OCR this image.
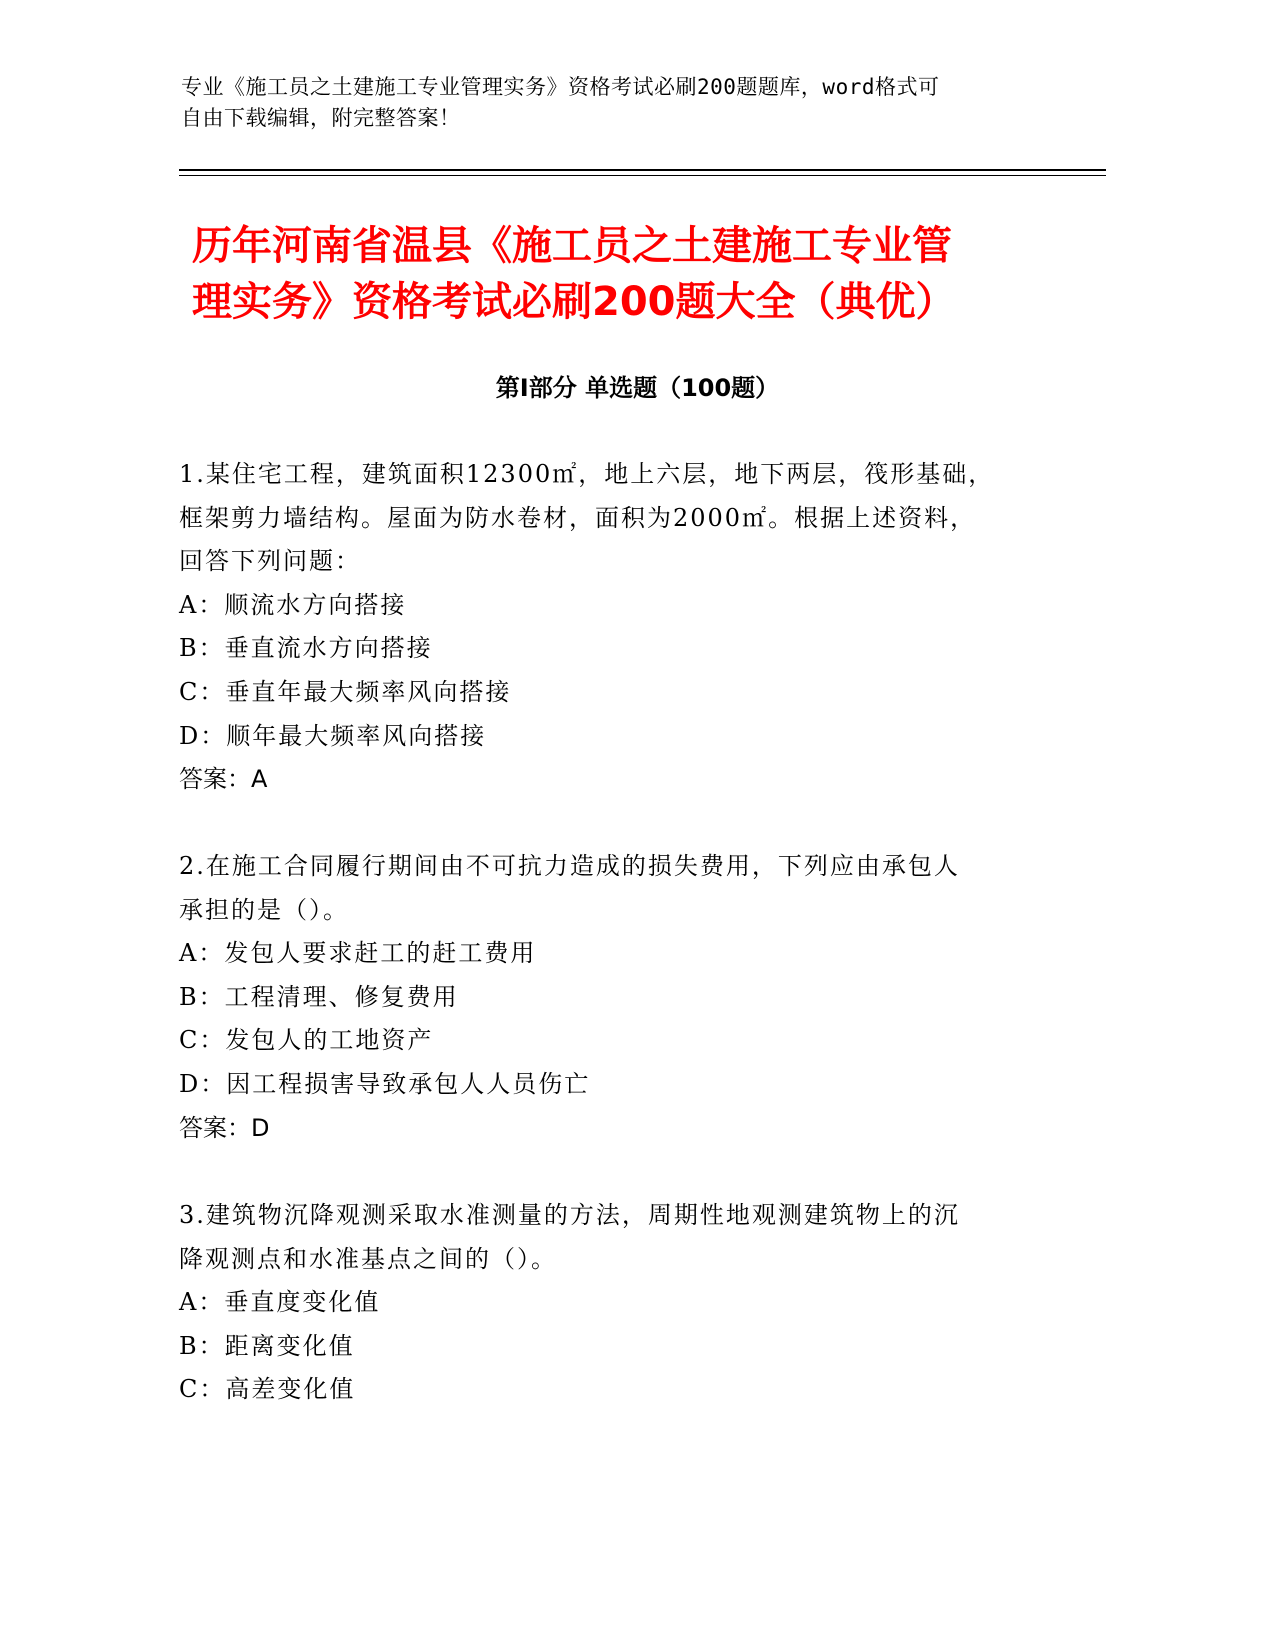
专业《施工员之土建施工专业管理实务》资格考试必刷200题题库，word格式可
自由下载编辑，附完整答案！
历年河南省温县《施工员之土建施工专业管
理实务》资格考试必刷200题大全（典优）
第Ⅰ部分 单选题（100题）
1.某住宅工程，建筑面积12300㎡，地上六层，地下两层，筏形基础，
框架剪力墙结构。屋面为防水卷材，面积为2000㎡。根据上述资料，
回答下列问题：
A：顺流水方向搭接
B：垂直流水方向搭接
C：垂直年最大频率风向搭接
D：顺年最大频率风向搭接
答案：A
2.在施工合同履行期间由不可抗力造成的损失费用，下列应由承包人
承担的是（）。
A：发包人要求赶工的赶工费用
B：工程清理、修复费用
C：发包人的工地资产
D：因工程损害导致承包人人员伤亡
答案：D
3.建筑物沉降观测采取水准测量的方法，周期性地观测建筑物上的沉
降观测点和水准基点之间的（）。
A：垂直度变化值
B：距离变化值
C：高差变化值
